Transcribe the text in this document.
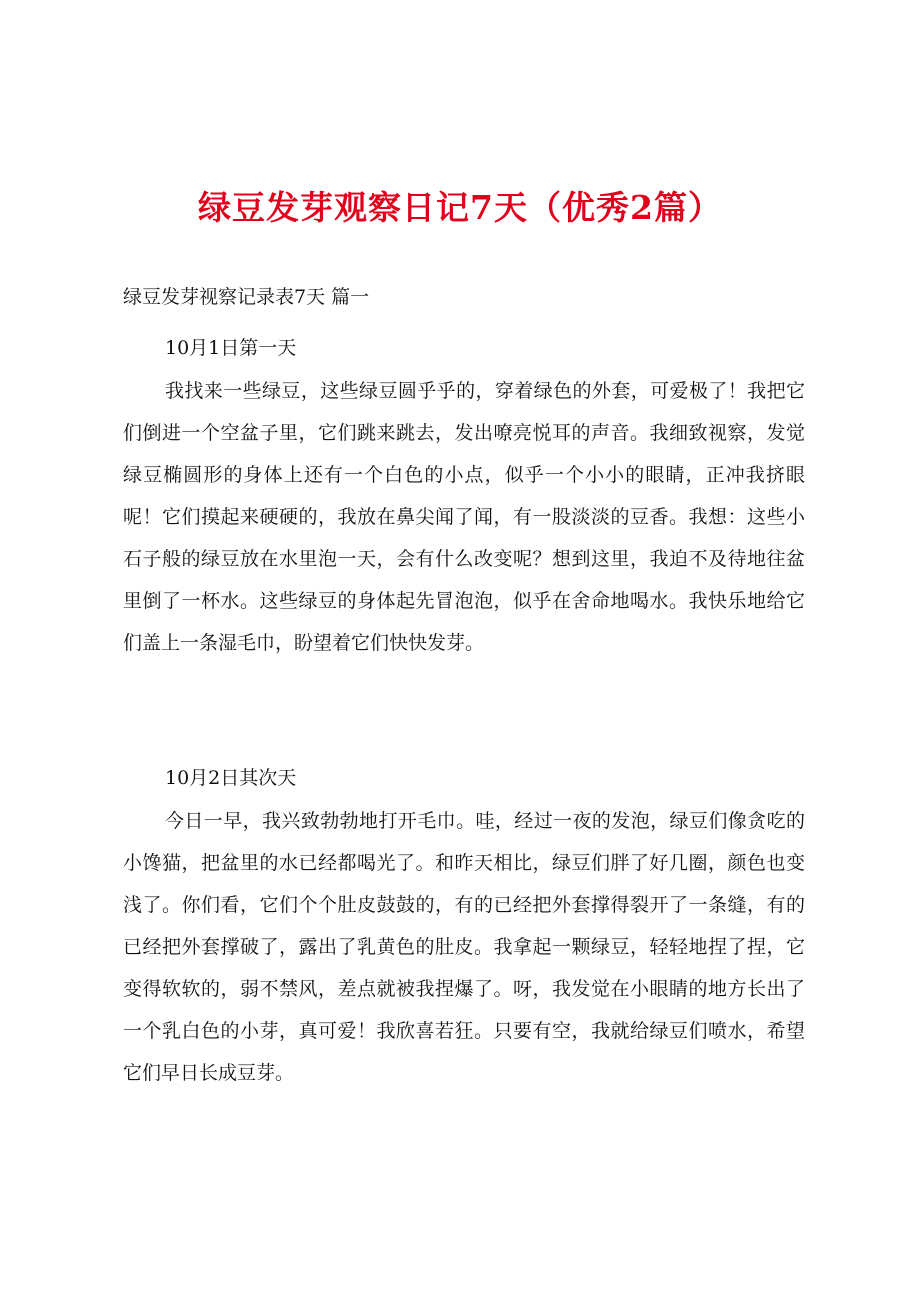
绿豆发芽观察日记7天（优秀2篇）
绿豆发芽视察记录表7天 篇一
10月1日第一天
我找来一些绿豆，这些绿豆圆乎乎的，穿着绿色的外套，可爱极了！我把它们倒进一个空盆子里，它们跳来跳去，发出嘹亮悦耳的声音。我细致视察，发觉绿豆椭圆形的身体上还有一个白色的小点，似乎一个小小的眼睛，正冲我挤眼呢！它们摸起来硬硬的，我放在鼻尖闻了闻，有一股淡淡的豆香。我想：这些小石子般的绿豆放在水里泡一天，会有什么改变呢？想到这里，我迫不及待地往盆里倒了一杯水。这些绿豆的身体起先冒泡泡，似乎在舍命地喝水。我快乐地给它们盖上一条湿毛巾，盼望着它们快快发芽。
10月2日其次天
今日一早，我兴致勃勃地打开毛巾。哇，经过一夜的发泡，绿豆们像贪吃的小馋猫，把盆里的水已经都喝光了。和昨天相比，绿豆们胖了好几圈，颜色也变浅了。你们看，它们个个肚皮鼓鼓的，有的已经把外套撑得裂开了一条缝，有的已经把外套撑破了，露出了乳黄色的肚皮。我拿起一颗绿豆，轻轻地捏了捏，它变得软软的，弱不禁风，差点就被我捏爆了。呀，我发觉在小眼睛的地方长出了一个乳白色的小芽，真可爱！我欣喜若狂。只要有空，我就给绿豆们喷水，希望它们早日长成豆芽。
